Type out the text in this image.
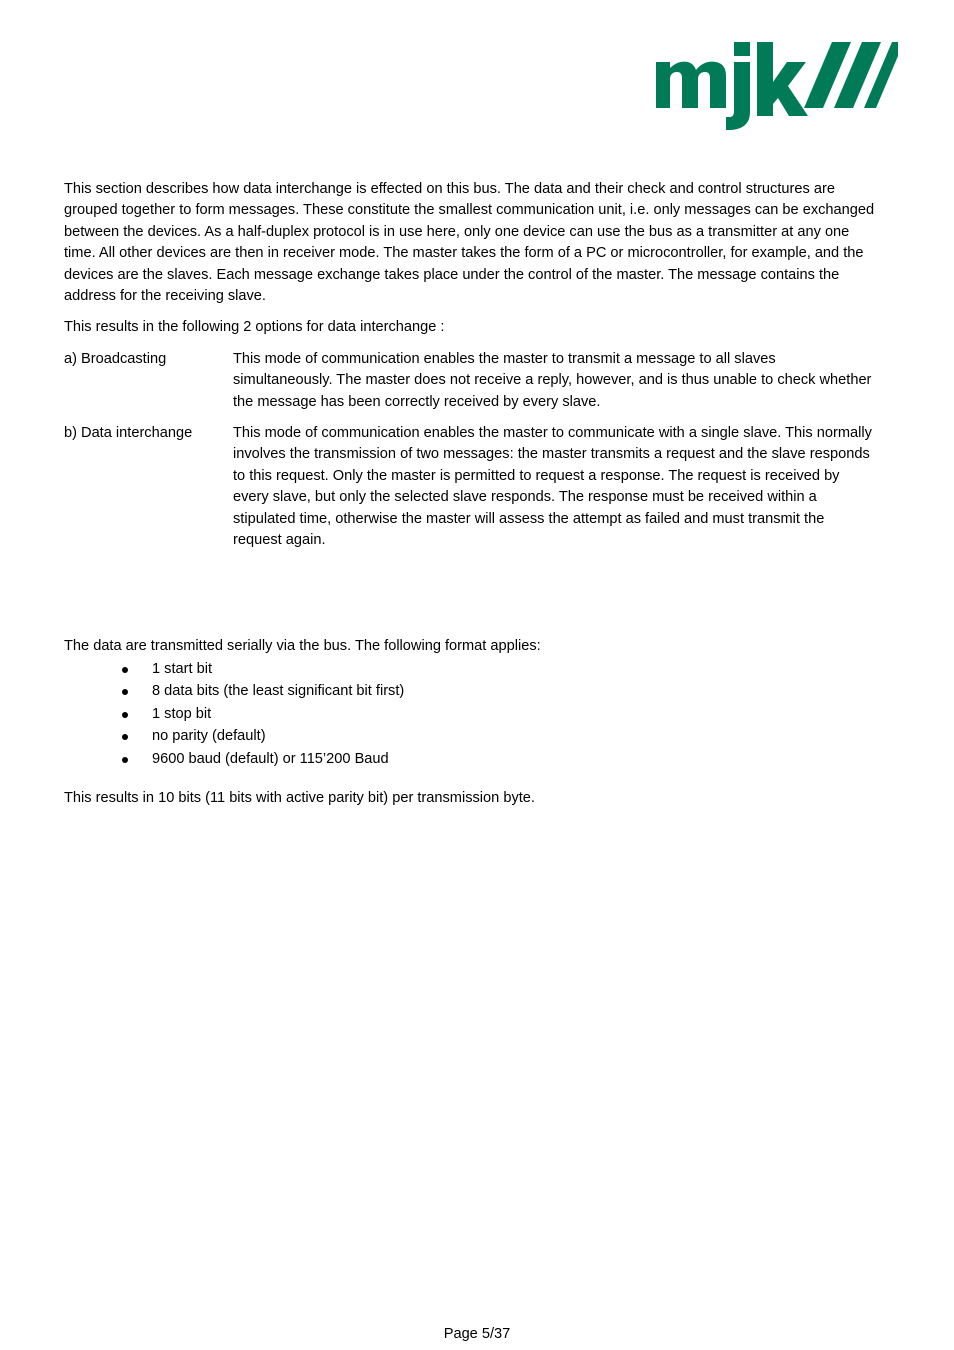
This section describes how data interchange is effected on this bus. The data and their check and control structures are grouped together to form messages. These constitute the smallest communication unit, i.e. only messages can be exchanged between the devices. As a half-duplex protocol is in use here, only one device can use the bus as a transmitter at any one time. All other devices are then in receiver mode. The master takes the form of a PC or microcontroller, for example, and the devices are the slaves. Each message exchange takes place under the control of the master. The message contains the address for the receiving slave.

This results in the following 2 options for data interchange :

a) Broadcasting	This mode of communication enables the master to transmit a message to all slaves simultaneously. The master does not receive a reply, however, and is thus unable to check whether the message has been correctly received by every slave.
b) Data interchange	This mode of communication enables the master to communicate with a single slave. This normally involves the transmission of two messages: the master transmits a request and the slave responds to this request. Only the master is permitted to request a response. The request is received by every slave, but only the selected slave responds. The response must be received within a stipulated time, otherwise the master will assess the attempt as failed and must transmit the request again.

The data are transmitted serially via the bus. The following format applies:

1 start bit
8 data bits (the least significant bit first)
1 stop bit
no parity (default)
9600 baud (default) or 115’200 Baud

This results in 10 bits (11 bits with active parity bit) per transmission byte.

Page 5/37
